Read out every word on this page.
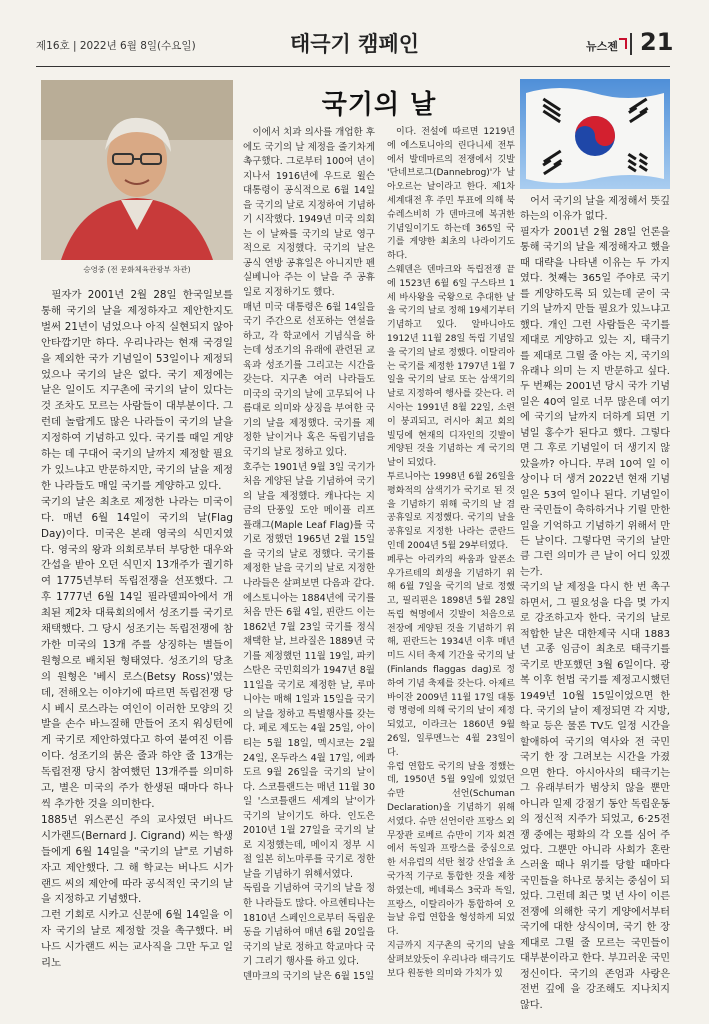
제16호 | 2022년 6월 8일(수요일)	태극기 캠페인	뉴스젠 21
승영중 (전 문화체육관광부 차관)
국기의 날

필자가 2001년 2월 28일 한국일보를 통해 국기의 날을 제정하자고 제안한지도 벌써 21년이 넘었으나 아직 실현되지 않아 안타깝기만 하다. 우리나라는 현재 국경일을 제외한 국가 기념일이 53일이나 제정되었으나 국기의 날은 없다. 국기 제정에는 날은 일이도 지구촌에 국기의 날이 있다는 것 조차도 모르는 사람들이 대부분이다. 그런데 놀랍게도 많은 나라들이 국기의 날을 지정하여 기념하고 있다. 국기를 때일 게양하는 데 구대어 국기의 날까지 제정할 필요가 있느냐고 반문하지만, 국기의 날을 제정한 나라들도 매일 국기를 게양하고 있다.
국기의 날은 최초로 제정한 나라는 미국이다. 매년 6월 14일이 국기의 날(Flag Day)이다. 미국은 본래 영국의 식민지였다. 영국의 왕과 의회로부터 부당한 대우와 간섭을 받아 오던 식민지 13개주가 궐기하여 1775년부터 독립전쟁을 선포했다. 그 후 1777년 6월 14일 필라델피아에서 개최된 제2차 대륙회의에서 성조기를 국기로 채택했다. 그 당시 성조기는 독립전쟁에 참가한 미국의 13개 주를 상징하는 별들이 원형으로 배치된 형태였다. 성조기의 당초의 원형은 '베시 로스(Betsy Ross)'였는데, 전해오는 이야기에 따르면 독립전쟁 당시 베시 로스라는 여인이 이러한 모양의 깃발을 손수 바느질해 만들어 조지 워싱턴에게 국기로 제안하였다고 하여 붙여진 이름이다. 성조기의 붉은 줄과 하얀 줄 13개는 독립전쟁 당시 참여했던 13개주를 의미하고, 별은 미국의 주가 한생된 때마다 하나씩 추가한 것을 의미한다.
1885년 위스콘신 주의 교사였던 버나드 시가랜드(Bernard J. Cigrand) 씨는 학생들에게 6월 14일을 "국기의 날"로 기념하자고 제안했다. 그 해 학교는 버나드 시가랜드 씨의 제안에 따라 공식적인 국기의 날을 지정하고 기념했다.
그런 기회로 시카고 신문에 6월 14일을 이자 국기의 날로 제정할 것을 촉구했다. 버나드 시가랜드 씨는 교사직을 그만 두고 일리노

이에서 치과 의사를 개업한 후에도 국기의 날 제정을 줄기차게 촉구했다. 그로부터 100여 년이 지나서 1916년에 우드로 윌슨 대통령이 공식적으로 6월 14일을 국기의 날로 지정하여 기념하기 시작했다. 1949년 미국 의회는 이 날짜를 국기의 날로 영구적으로 지정했다. 국기의 날은 공식 연방 공휴일은 아니지만 펜실베니아 주는 이 날을 주 공휴일로 지정하기도 했다.
매년 미국 대통령은 6월 14일을 국기 주간으로 선포하는 연설을 하고, 각 학교에서 기념식을 하는데 성조기의 유래에 관련된 교육과 성조기를 그리고는 시간을 갖는다. 지구촌 여러 나라들도 미국의 국기의 날에 고무되어 나름대로 의미와 상징을 부여한 국기의 날을 제정했다. 국기를 제정한 날이거나 혹은 독립기념을 국기의 날로 정하고 있다.
호주는 1901년 9월 3일 국기가 처음 게양된 날을 기념하여 국기의 날을 제정했다. 캐나다는 지금의 단풍잎 도안 메이플 리프 플래그(Maple Leaf Flag)를 국기로 정했던 1965년 2월 15일을 국기의 날로 정했다. 국기를 제정한 날을 국기의 날로 지정한 나라들은 살펴보면 다음과 같다.
에스토니아는 1884년에 국기를 처음 만든 6월 4일, 핀란드 이는 1862년 7월 23일 국기를 정식 채택한 날, 브라질은 1889년 국기를 제정했던 11월 19일, 파키스탄은 국민회의가 1947년 8월 11일을 국기로 제정한 날, 루마니아는 매해 1일과 15일을 국기의 날을 정하고 특별행사를 갖는다. 페로 제도는 4월 25일, 아이티는 5월 18일, 멕시코는 2월 24일, 온두라스 4월 17일, 에콰도르 9월 26일을 국기의 날이다. 스코틀랜드는 매년 11월 30일 '스코틀랜드 세계의 날'이가 국기의 날이기도 하다. 인도은 2010년 1월 27일을 국기의 날로 지정했는데, 메이지 정부 시절 일본 히노마루를 국기로 정한 날을 기념하기 위해서였다.
독립을 기념하여 국기의 날을 정한 나라들도 많다. 아르헨티나는 1810년 스페인으로부터 독립운동을 기념하여 매년 6월 20일을 국기의 날로 정하고 학교마다 국기 그리기 행사를 하고 있다.
덴마크의 국기의 날은 6월 15일

이다. 전설에 따르면 1219년에 에스토니아의 린다니세 전투에서 발데마르의 전쟁에서 깃발 '단네브로그(Dannebrog)'가 날아오르는 날이라고 한다. 제1차 세계대전 후 주민 투표에 의해 북 슈레스비히 가 덴마크에 복귀한 기념일이기도 하는데 365일 국기를 게양한 최초의 나라이기도 하다.
스웨덴은 덴마크와 독립전쟁 끝에 1523년 6월 6일 구스타브 1세 바사왕을 국왕으로 추대한 날을 국기의 날로 정해 19세기부터 기념하고 있다. 알바니아도 1912년 11월 28일 독립 기념일을 국기의 날로 정했다. 이탈리아는 국기를 제정한 1797년 1월 7일을 국기의 날로 또는 삼색기의 날로 지정하여 행사를 갖는다. 러시아는 1991년 8월 22일, 소련이 붕괴되고, 러시아 최고 회의 빌딩에 현재의 디자인의 깃발이 게양된 것을 기념하는 게 국기의 날이 되었다.
투르니아는 1998년 6월 26일을 평화적의 삼색기가 국기로 된 것을 기념하기 위해 국기의 날 겸 공휴일로 지정했다. 국기의 날을 공휴일로 지정한 나라는 쿤란드 인데 2004년 5월 29부터였다.
페루는 아리카의 싸움과 알폰소 우가르테의 희생을 기념하기 위해 6월 7일을 국기의 날로 정했고, 필리핀은 1898년 5월 28일 독립 혁명에서 깃발이 처음으로 전장에 게양된 것을 기념하기 위해, 핀란드는 1934년 이후 매년 미드 시터 축제 기간을 국기의 날 (Finlands flaggas dag)로 정하여 기념 축제를 갖는다. 아제르바이잔 2009년 11월 17일 대통령 명령에 의해 국기의 날이 제정되었고, 이라크는 1860년 9월 26일, 일루멘느는 4월 23일이다.
유럽 연합도 국기의 날을 정했는데, 1950년 5월 9일에 있었던 슈만 선언(Schuman Declaration)을 기념하기 위해서였다. 슈만 선언이란 프랑스 외무장관 로베르 슈만이 기자 회견에서 독일과 프랑스를 중심으로 한 서유럽의 석탄 철강 산업을 초국가적 기구로 통합한 것을 제창하였는데, 베네룩스 3국과 독일, 프랑스, 이탈리아가 통합하여 오늘날 유럽 연합을 형성하게 되었다.
지금까지 지구촌의 국기의 날을 살펴보았듯이 우리나라 태극기도 보다 원동한 의미와 가치가 있

어서 국기의 날을 제정해서 뜻깊 하는의 이유가 없다.
필자가 2001년 2월 28일 언론을 통해 국기의 날을 제정해자고 했을 때 대략을 나타낸 이유는 두 가지였다. 첫째는 365일 주야로 국기를 게양하도록 되 있는데 굳이 국기의 날까지 만들 필요가 있느냐고 했다. 개인 그런 사람들은 국기를 제대로 게양하고 있는 지, 태극기를 제대로 그릴 줄 아는 지, 국기의 유래나 의미 는 지 반문하고 싶다. 두 번째는 2001년 당시 국가 기념일은 40여 일로 너무 많은데 여기에 국기의 날까지 더하게 되면 기념일 홍수가 된다고 했다. 그렇다면 그 후로 기념일이 더 생기지 않았을까? 아니다. 무려 10여 일 이상이나 더 생겨 2022년 현재 기념일은 53여 일이나 된다. 기념일이란 국민들이 축하하거나 기릴 만한 일을 기억하고 기념하기 위해서 만든 날이다. 그렇다면 국기의 날만큼 그런 의미가 큰 날이 어디 있겠는가.
국기의 날 제정을 다시 한 번 촉구하면서, 그 필요성을 다음 몇 가지로 강조하고자 한다. 국기의 날로 적합한 날은 대한제국 시대 1883년 고종 임금이 최초로 태극기를 국기로 반포했던 3월 6일이다. 광복 이후 헌법 국기를 제정고시했던 1949년 10월 15일이었으면 한다. 국기의 날이 제정되면 각 지방, 학교 등은 물론 TV도 일정 시간을 할애하여 국기의 역사와 전 국민 국기 한 장 그려보는 시간을 가졌으면 한다. 아시아사의 태극기는 그 유래부터가 범상치 않을 뿐만 아니라 일제 강점기 동안 독립운동의 정신적 지주가 되었고, 6·25전쟁 중에는 평화의 각 오를 심어 주었다. 그뿐만 아니라 사회가 혼란스러울 때나 위기를 당할 때마다 국민들을 하나로 뭉치는 중심이 되었다. 그런데 최근 몇 년 사이 이른전쟁에 의해한 국기 게양에서부터 국기에 대한 상식이며, 국기 한 장 제대로 그릴 줄 모르는 국민들이 대부분이라고 한다. 부끄러운 국민정신이다. 국기의 존엄과 사랑은 전번 깊에 을 강조해도 지나치지 않다.
